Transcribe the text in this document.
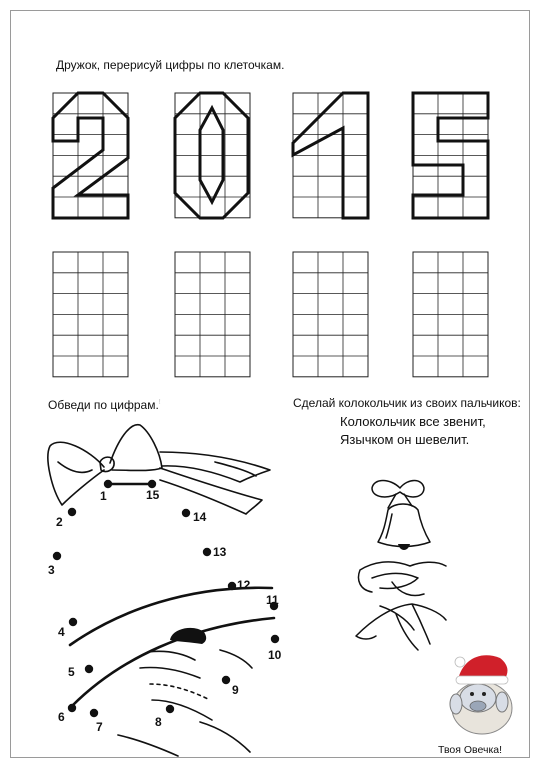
Дружок, перерисуй цифры по клеточкам.
Обведи по цифрам.!	Сделай колокольчик из своих пальчиков:
Колокольчик все звенит,
Язычком он шевелит.
1
2
3
4
5
6
7	8
9
10
11
12
13
14
15
Твоя Овечка!
